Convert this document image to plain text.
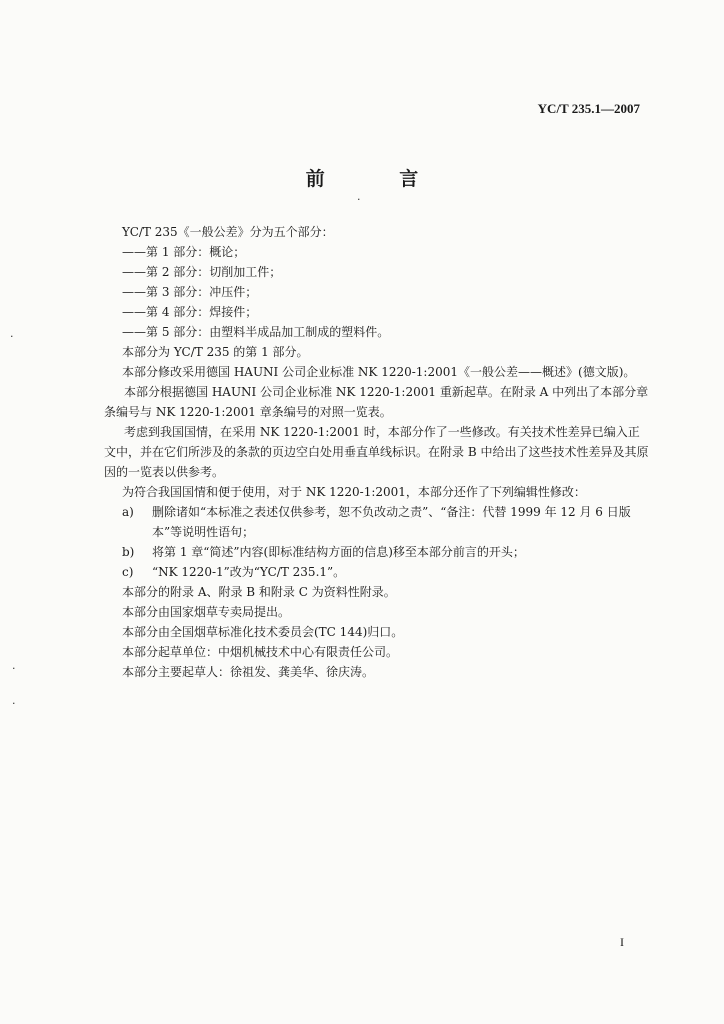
YC/T 235.1—2007
前 言
·
·
·
·

YC/T 235《一般公差》分为五个部分：

——第 1 部分：概论；

——第 2 部分：切削加工件；

——第 3 部分：冲压件；

——第 4 部分：焊接件；

——第 5 部分：由塑料半成品加工制成的塑料件。

本部分为 YC/T 235 的第 1 部分。

本部分修改采用德国 HAUNI 公司企业标准 NK 1220-1:2001《一般公差——概述》(德文版)。

本部分根据德国 HAUNI 公司企业标准 NK 1220-1:2001 重新起草。在附录 A 中列出了本部分章条编号与 NK 1220-1:2001 章条编号的对照一览表。

考虑到我国国情，在采用 NK 1220-1:2001 时，本部分作了一些修改。有关技术性差异已编入正文中，并在它们所涉及的条款的页边空白处用垂直单线标识。在附录 B 中给出了这些技术性差异及其原因的一览表以供参考。

为符合我国国情和便于使用，对于 NK 1220-1:2001，本部分还作了下列编辑性修改：

a)	删除诸如“本标准之表述仅供参考，恕不负改动之责”、“备注：代替 1999 年 12 月 6 日版本”等说明性语句；
b)	将第 1 章“简述”内容(即标准结构方面的信息)移至本部分前言的开头；
c)	“NK 1220-1”改为“YC/T 235.1”。

本部分的附录 A、附录 B 和附录 C 为资料性附录。

本部分由国家烟草专卖局提出。

本部分由全国烟草标准化技术委员会(TC 144)归口。

本部分起草单位：中烟机械技术中心有限责任公司。

本部分主要起草人：徐祖发、龚美华、徐庆涛。

I
